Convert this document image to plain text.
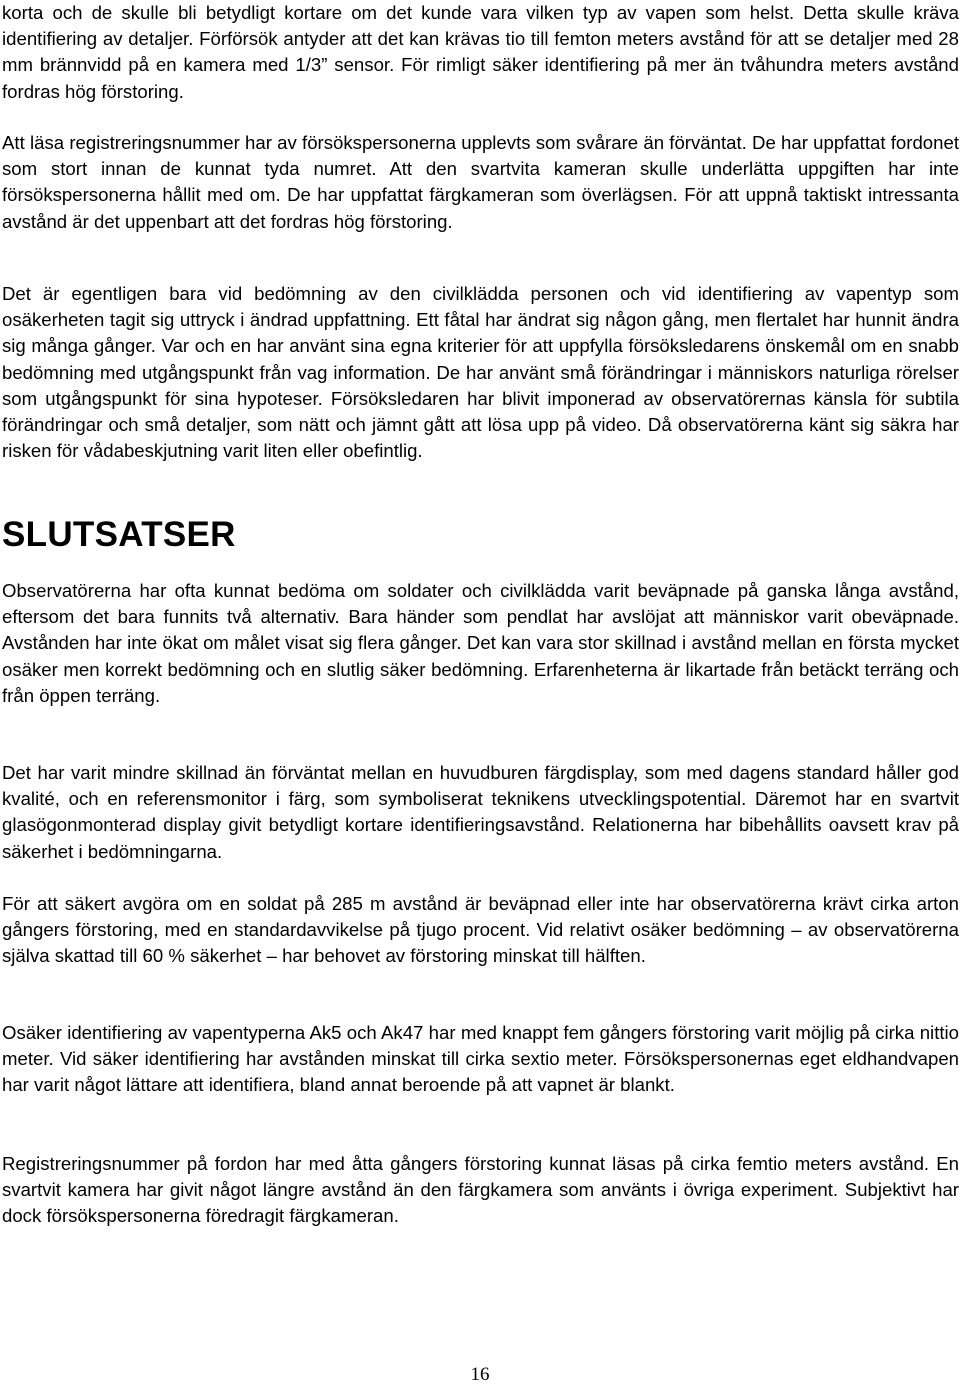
korta och de skulle bli betydligt kortare om det kunde vara vilken typ av vapen som helst. Detta skulle kräva identifiering av detaljer. Förförsök antyder att det kan krävas tio till femton meters avstånd för att se detaljer med 28 mm brännvidd på en kamera med 1/3” sensor. För rimligt säker identifiering på mer än tvåhundra meters avstånd fordras hög förstoring.

Att läsa registreringsnummer har av försökspersonerna upplevts som svårare än förväntat. De har uppfattat fordonet som stort innan de kunnat tyda numret. Att den svartvita kameran skulle underlätta uppgiften har inte försökspersonerna hållit med om. De har uppfattat färgkameran som överlägsen. För att uppnå taktiskt intressanta avstånd är det uppenbart att det fordras hög förstoring.

Det är egentligen bara vid bedömning av den civilklädda personen och vid identifiering av vapentyp som osäkerheten tagit sig uttryck i ändrad uppfattning. Ett fåtal har ändrat sig någon gång, men flertalet har hunnit ändra sig många gånger. Var och en har använt sina egna kriterier för att uppfylla försöksledarens önskemål om en snabb bedömning med utgångspunkt från vag information. De har använt små förändringar i människors naturliga rörelser som utgångspunkt för sina hypoteser. Försöksledaren har blivit imponerad av observatörernas känsla för subtila förändringar och små detaljer, som nätt och jämnt gått att lösa upp på video. Då observatörerna känt sig säkra har risken för vådabeskjutning varit liten eller obefintlig.

SLUTSATSER

Observatörerna har ofta kunnat bedöma om soldater och civilklädda varit beväpnade på ganska långa avstånd, eftersom det bara funnits två alternativ. Bara händer som pendlat har avslöjat att människor varit obeväpnade. Avstånden har inte ökat om målet visat sig flera gånger. Det kan vara stor skillnad i avstånd mellan en första mycket osäker men korrekt bedömning och en slutlig säker bedömning. Erfarenheterna är likartade från betäckt terräng och från öppen terräng.

Det har varit mindre skillnad än förväntat mellan en huvudburen färgdisplay, som med dagens standard håller god kvalité, och en referensmonitor i färg, som symboliserat teknikens utvecklingspotential. Däremot har en svartvit glasögonmonterad display givit betydligt kortare identifieringsavstånd. Relationerna har bibehållits oavsett krav på säkerhet i bedömningarna.

För att säkert avgöra om en soldat på 285 m avstånd är beväpnad eller inte har observatörerna krävt cirka arton gångers förstoring, med en standardavvikelse på tjugo procent. Vid relativt osäker bedömning – av observatörerna själva skattad till 60 % säkerhet – har behovet av förstoring minskat till hälften.

Osäker identifiering av vapentyperna Ak5 och Ak47 har med knappt fem gångers förstoring varit möjlig på cirka nittio meter. Vid säker identifiering har avstånden minskat till cirka sextio meter. Försökspersonernas eget eldhandvapen har varit något lättare att identifiera, bland annat beroende på att vapnet är blankt.

Registreringsnummer på fordon har med åtta gångers förstoring kunnat läsas på cirka femtio meters avstånd. En svartvit kamera har givit något längre avstånd än den färgkamera som använts i övriga experiment. Subjektivt har dock försökspersonerna föredragit färgkameran.

16
